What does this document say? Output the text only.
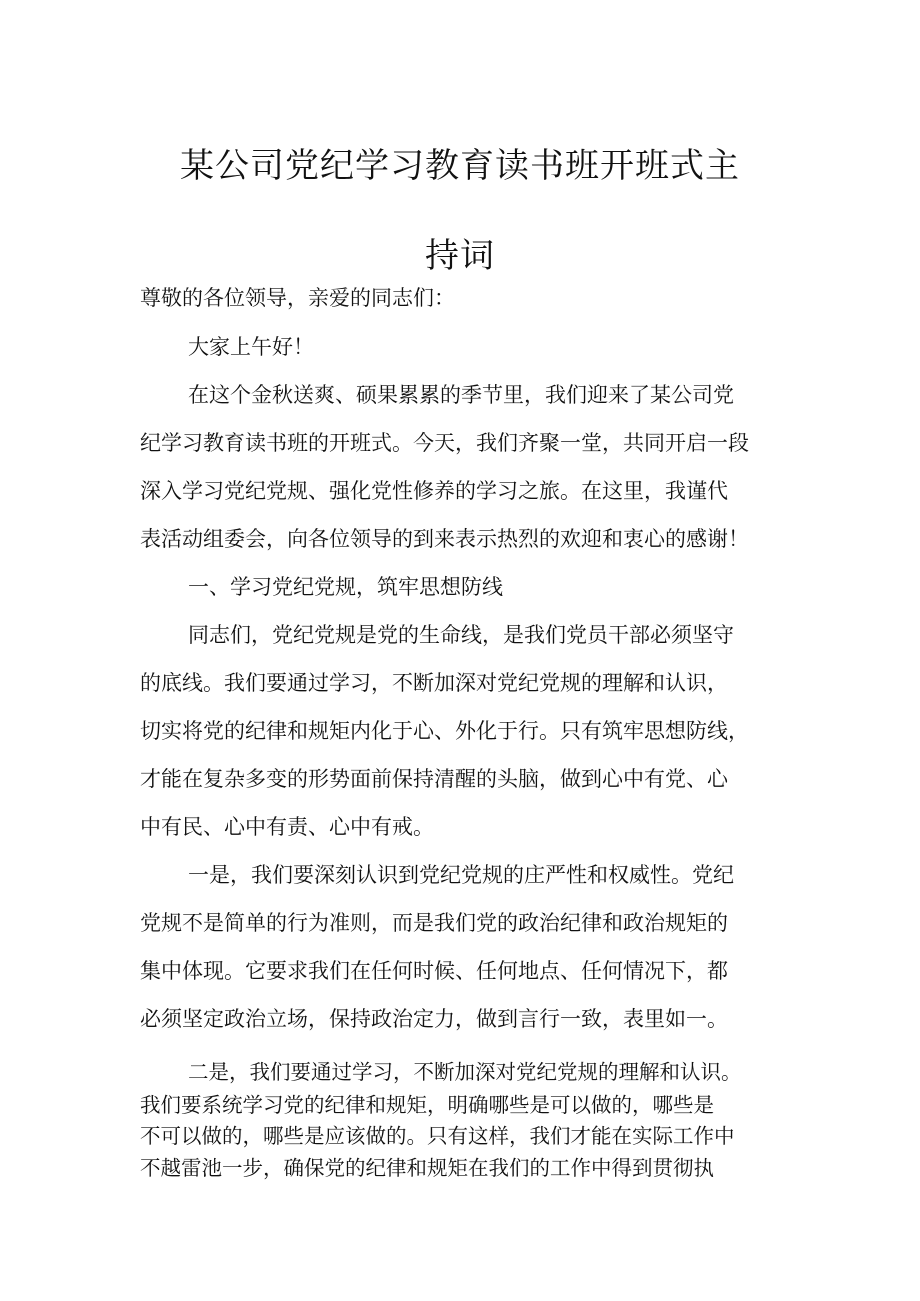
某公司党纪学习教育读书班开班式主
持词
尊敬的各位领导，亲爱的同志们：
大家上午好！
在这个金秋送爽、硕果累累的季节里，我们迎来了某公司党
纪学习教育读书班的开班式。今天，我们齐聚一堂，共同开启一段
深入学习党纪党规、强化党性修养的学习之旅。在这里，我谨代
表活动组委会，向各位领导的到来表示热烈的欢迎和衷心的感谢！
一、学习党纪党规，筑牢思想防线
同志们，党纪党规是党的生命线，是我们党员干部必须坚守
的底线。我们要通过学习，不断加深对党纪党规的理解和认识，
切实将党的纪律和规矩内化于心、外化于行。只有筑牢思想防线，
才能在复杂多变的形势面前保持清醒的头脑，做到心中有党、心
中有民、心中有责、心中有戒。
一是，我们要深刻认识到党纪党规的庄严性和权威性。党纪
党规不是简单的行为准则，而是我们党的政治纪律和政治规矩的
集中体现。它要求我们在任何时候、任何地点、任何情况下，都
必须坚定政治立场，保持政治定力，做到言行一致，表里如一。
二是，我们要通过学习，不断加深对党纪党规的理解和认识。
我们要系统学习党的纪律和规矩，明确哪些是可以做的，哪些是
不可以做的，哪些是应该做的。只有这样，我们才能在实际工作中
不越雷池一步，确保党的纪律和规矩在我们的工作中得到贯彻执
